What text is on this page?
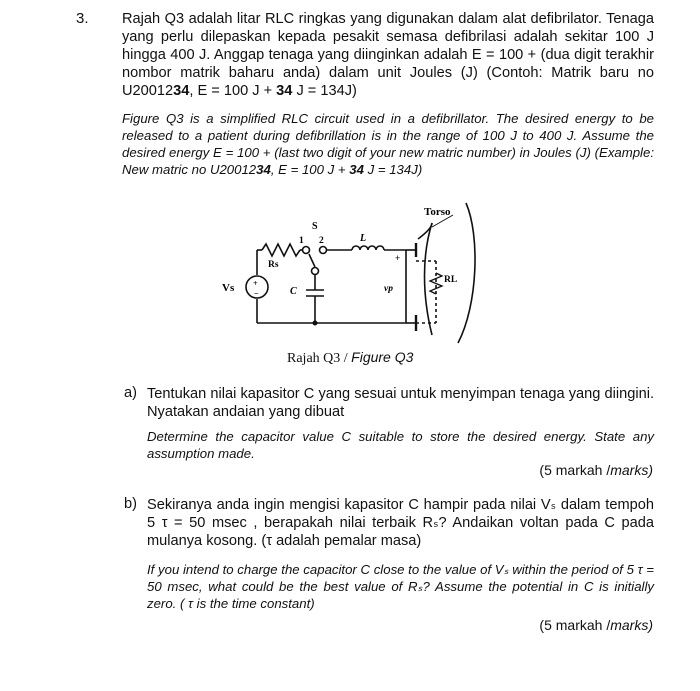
3. Rajah Q3 adalah litar RLC ringkas yang digunakan dalam alat defibrilator. Tenaga yang perlu dilepaskan kepada pesakit semasa defibrilasi adalah sekitar 100 J hingga 400 J. Anggap tenaga yang diinginkan adalah E = 100 + (dua digit terakhir nombor matrik baharu anda) dalam unit Joules (J) (Contoh: Matrik baru no U2001234, E = 100 J + 34 J = 134J)
Figure Q3 is a simplified RLC circuit used in a defibrillator. The desired energy to be released to a patient during defibrillation is in the range of 100 J to 400 J. Assume the desired energy E = 100 + (last two digit of your new matric number) in Joules (J) (Example: New matric no U2001234, E = 100 J + 34 J = 134J)
Torso
S
1 2	L
Rs
Vs +
−	C	vp
+
RL
Rajah Q3 / Figure Q3
a) Tentukan nilai kapasitor C yang sesuai untuk menyimpan tenaga yang diingini. Nyatakan andaian yang dibuat
Determine the capacitor value C suitable to store the desired energy. State any assumption made.
(5 markah /marks)
b) Sekiranya anda ingin mengisi kapasitor C hampir pada nilai Vₛ dalam tempoh 5 τ = 50 msec , berapakah nilai terbaik Rₛ? Andaikan voltan pada C pada mulanya kosong. (τ adalah pemalar masa)
If you intend to charge the capacitor C close to the value of Vₛ within the period of 5 τ = 50 msec, what could be the best value of Rₛ? Assume the potential in C is initially zero. ( τ is the time constant)
(5 markah /marks)
